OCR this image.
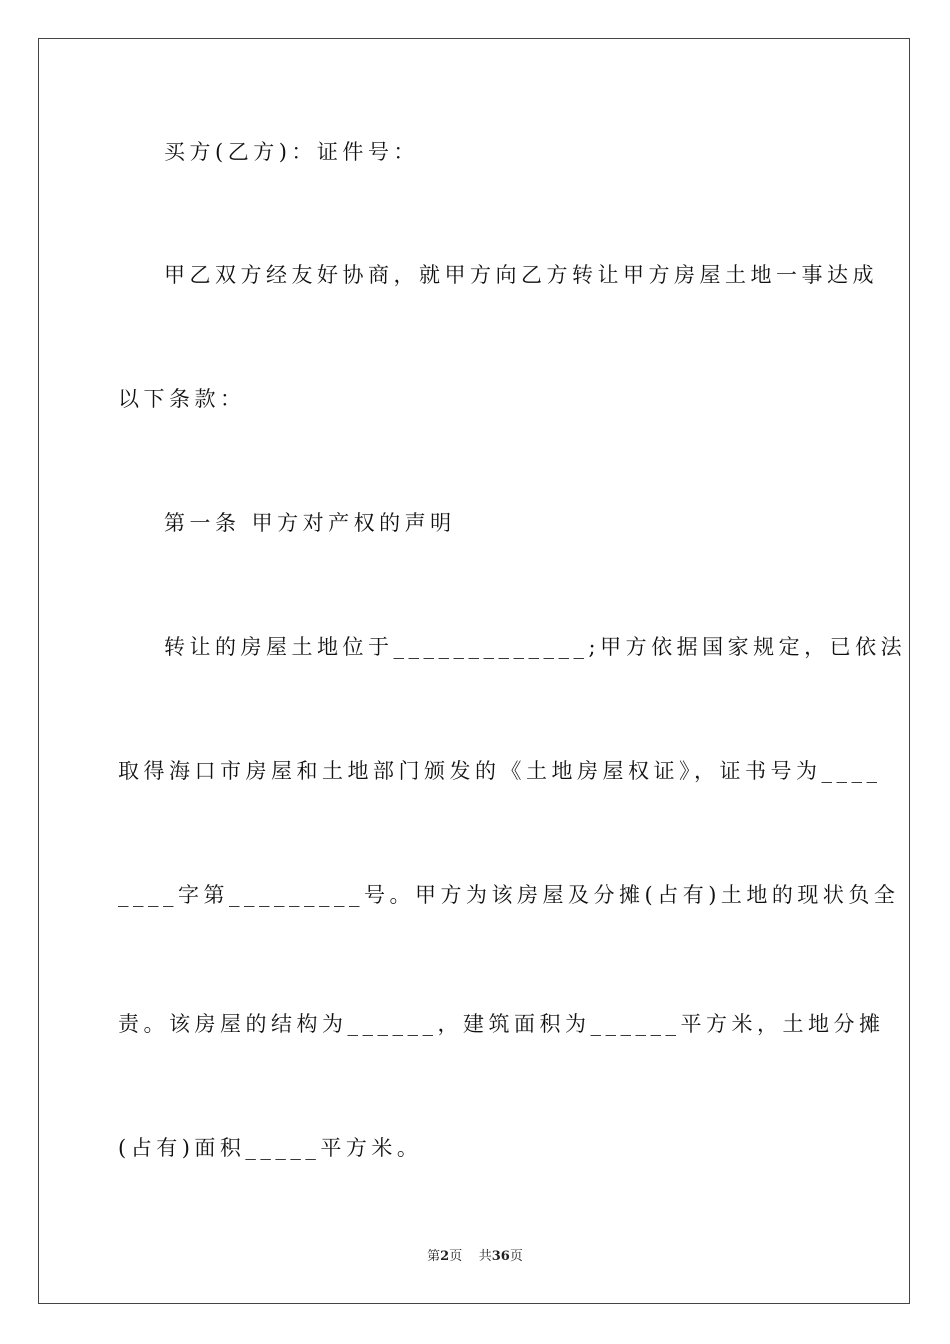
买方(乙方)：证件号：
甲乙双方经友好协商，就甲方向乙方转让甲方房屋土地一事达成
以下条款：
第一条 甲方对产权的声明
转让的房屋土地位于_____________;甲方依据国家规定，已依法
取得海口市房屋和土地部门颁发的《土地房屋权证》，证书号为____
____字第_________号。甲方为该房屋及分摊(占有)土地的现状负全
责。该房屋的结构为______，建筑面积为______平方米，土地分摊
(占有)面积_____平方米。
第2页 共36页
